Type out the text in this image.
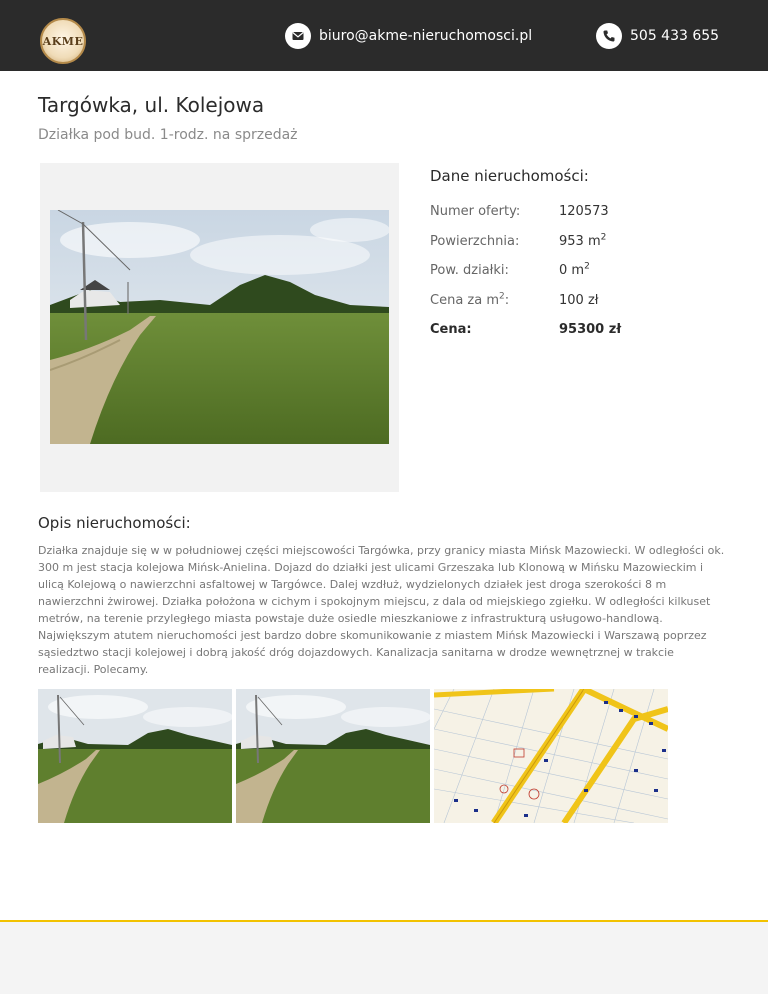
AKME	biuro@akme-nieruchomosci.pl	505 433 655
Targówka, ul. Kolejowa
Działka pod bud. 1-rodz. na sprzedaż
Dane nieruchomości:
Numer oferty:	120573
Powierzchnia:	953 $m^2$
Pow. działki:	0 $m^2$
Cena za $m^2$:	100 zł
Cena:	95300 zł
Opis nieruchomości:

Działka znajduje się w w południowej części miejscowości Targówka, przy granicy miasta Mińsk Mazowiecki. W odległości ok. 300 m jest stacja kolejowa Mińsk-Anielina. Dojazd do działki jest ulicami Grzeszaka lub Klonową w Mińsku Mazowieckim i ulicą Kolejową o nawierzchni asfaltowej w Targówce. Dalej wzdłuż, wydzielonych działek jest droga szerokości 8 m nawierzchni żwirowej. Działka położona w cichym i spokojnym miejscu, z dala od miejskiego zgiełku. W odległości kilkuset metrów, na terenie przyległego miasta powstaje duże osiedle mieszkaniowe z infrastrukturą usługowo-handlową. Największym atutem nieruchomości jest bardzo dobre skomunikowanie z miastem Mińsk Mazowiecki i Warszawą poprzez sąsiedztwo stacji kolejowej i dobrą jakość dróg dojazdowych. Kanalizacja sanitarna w drodze wewnętrznej w trakcie realizacji. Polecamy.
